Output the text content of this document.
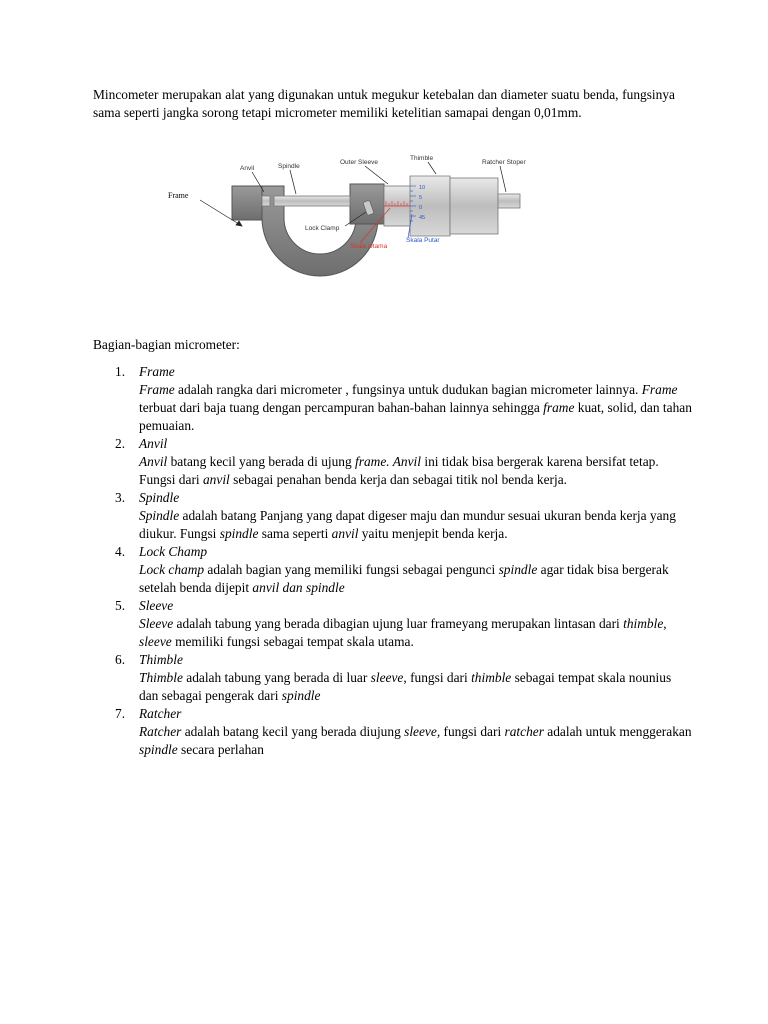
Mincometer merupakan alat yang digunakan untuk megukur ketebalan dan diameter suatu benda, fungsinya sama seperti jangka sorong tetapi micrometer memiliki ketelitian samapai dengan 0,01mm.

10
5
0
45
Frame
Anvil	Spindle
Outer Sleeve
Thimble
Ratcher Stoper
Lock Clamp
Skala Utama
Skala Putar

Bagian-bagian micrometer:

1. Frame
Frame adalah rangka dari micrometer , fungsinya untuk dudukan bagian micrometer lainnya. Frame terbuat dari baja tuang dengan percampuran bahan-bahan lainnya sehingga frame kuat, solid, dan tahan pemuaian.
2. Anvil
Anvil batang kecil yang berada di ujung frame. Anvil ini tidak bisa bergerak karena bersifat tetap. Fungsi dari anvil sebagai penahan benda kerja dan sebagai titik nol benda kerja.
3. Spindle
Spindle adalah batang Panjang yang dapat digeser maju dan mundur sesuai ukuran benda kerja yang diukur. Fungsi spindle sama seperti anvil yaitu menjepit benda kerja.
4. Lock Champ
Lock champ adalah bagian yang memiliki fungsi sebagai pengunci spindle agar tidak bisa bergerak setelah benda dijepit anvil dan spindle
5. Sleeve
Sleeve adalah tabung yang berada dibagian ujung luar frameyang merupakan lintasan dari thimble, sleeve memiliki fungsi sebagai tempat skala utama.
6. Thimble
Thimble adalah tabung yang berada di luar sleeve, fungsi dari thimble sebagai tempat skala nounius dan sebagai pengerak dari spindle
7. Ratcher
Ratcher adalah batang kecil yang berada diujung sleeve, fungsi dari ratcher adalah untuk menggerakan spindle secara perlahan
